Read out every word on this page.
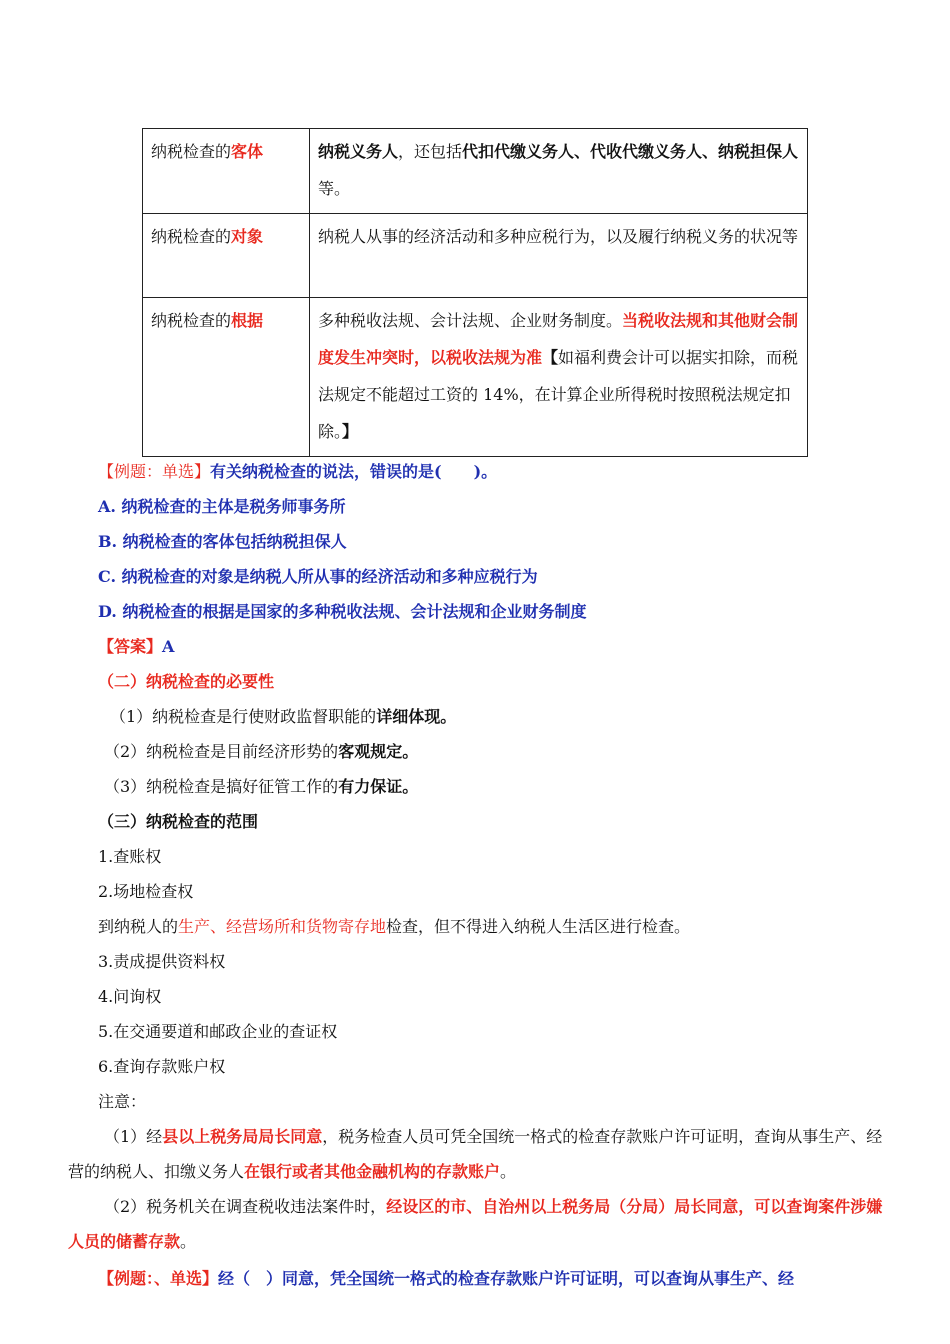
纳税检查的客体	纳税义务人，还包括代扣代缴义务人、代收代缴义务人、纳税担保人等。
纳税检查的对象	纳税人从事的经济活动和多种应税行为，以及履行纳税义务的状况等
纳税检查的根据	多种税收法规、会计法规、企业财务制度。当税收法规和其他财会制度发生冲突时，以税收法规为准【如福利费会计可以据实扣除，而税法规定不能超过工资的 14%，在计算企业所得税时按照税法规定扣除。】
【例题：单选】有关纳税检查的说法，错误的是(　　)。
A. 纳税检查的主体是税务师事务所
B. 纳税检查的客体包括纳税担保人
C. 纳税检查的对象是纳税人所从事的经济活动和多种应税行为
D. 纳税检查的根据是国家的多种税收法规、会计法规和企业财务制度
【答案】A
（二）纳税检查的必要性
（1）纳税检查是行使财政监督职能的详细体现。
（2）纳税检查是目前经济形势的客观规定。
（3）纳税检查是搞好征管工作的有力保证。
（三）纳税检查的范围
1.查账权
2.场地检查权
到纳税人的生产、经营场所和货物寄存地检查，但不得进入纳税人生活区进行检查。
3.责成提供资料权
4.问询权
5.在交通要道和邮政企业的查证权
6.查询存款账户权
注意：
（1）经县以上税务局局长同意，税务检查人员可凭全国统一格式的检查存款账户许可证明，查询从事生产、经营的纳税人、扣缴义务人在银行或者其他金融机构的存款账户。
（2）税务机关在调查税收违法案件时，经设区的市、自治州以上税务局（分局）局长同意，可以查询案件涉嫌人员的储蓄存款。
【例题：、单选】经（　）同意，凭全国统一格式的检查存款账户许可证明，可以查询从事生产、经
